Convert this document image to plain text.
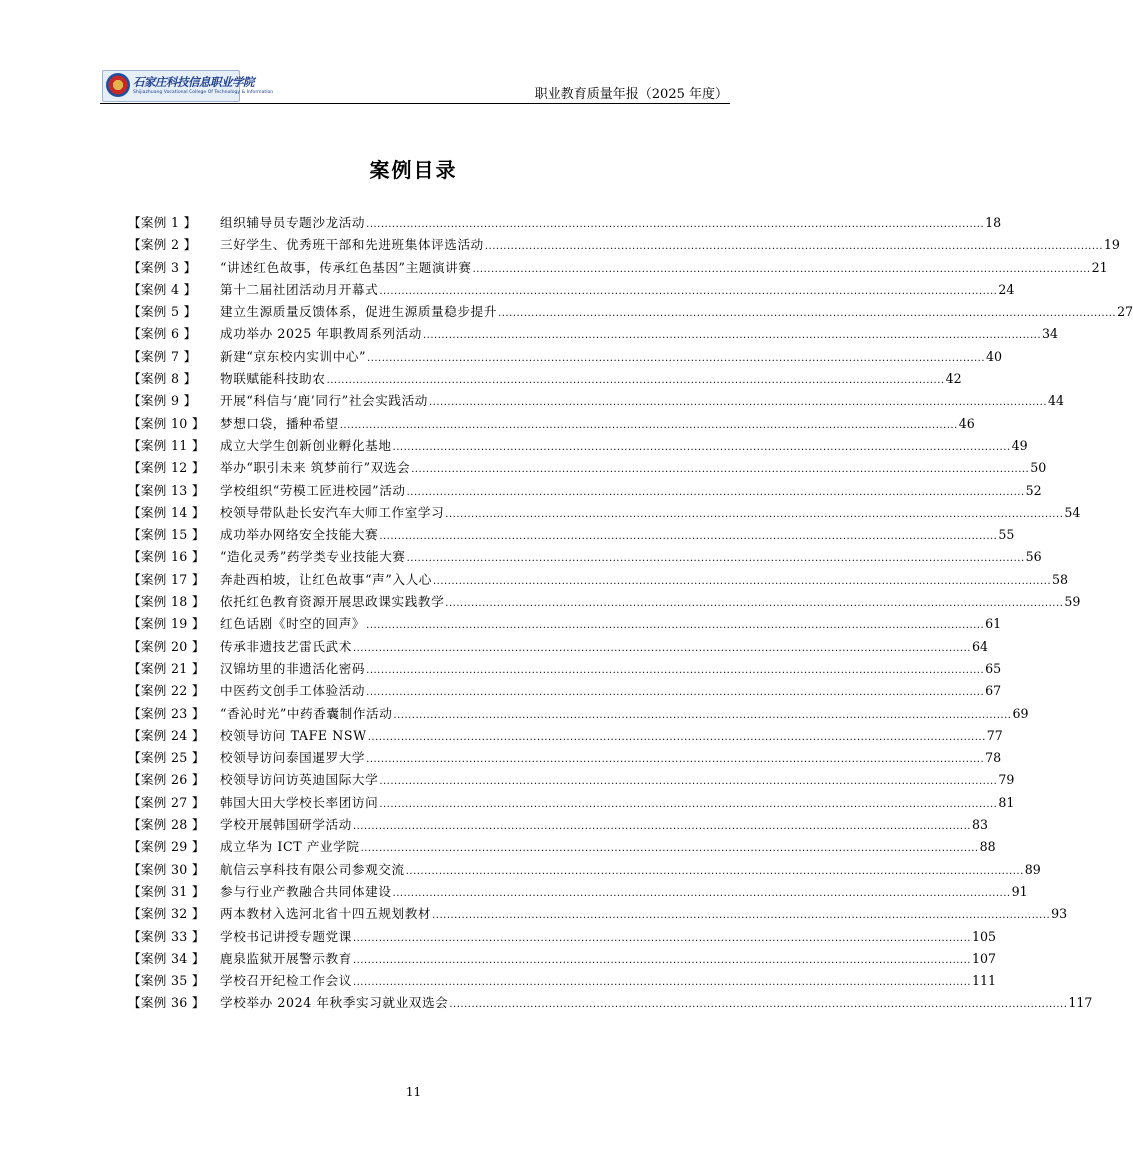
石家庄科技信息职业学院
Shijiazhuang Vocational College Of Technology & Information	职业教育质量年报（2025 年度）
案例目录
【案例 1 】	组织辅导员专题沙龙活动 .....	18
【案例 2 】	三好学生、优秀班干部和先进班集体评选活动 .....	19
【案例 3 】	“讲述红色故事，传承红色基因”主题演讲赛 .....	21
【案例 4 】	第十二届社团活动月开幕式 .....	24
【案例 5 】	建立生源质量反馈体系，促进生源质量稳步提升 .....	27
【案例 6 】	成功举办 2025 年职教周系列活动 .....	34
【案例 7 】	新建“京东校内实训中心” .....	40
【案例 8 】	物联赋能科技助农 .....	42
【案例 9 】	开展“科信与‘鹿’同行”社会实践活动 .....	44
【案例 10 】	梦想口袋，播种希望 .....	46
【案例 11 】	成立大学生创新创业孵化基地 .....	49
【案例 12 】	举办“职引未来 筑梦前行”双选会 .....	50
【案例 13 】	学校组织“劳模工匠进校园”活动 .....	52
【案例 14 】	校领导带队赴长安汽车大师工作室学习 .....	54
【案例 15 】	成功举办网络安全技能大赛 .....	55
【案例 16 】	“造化灵秀”药学类专业技能大赛 .....	56
【案例 17 】	奔赴西柏坡，让红色故事“声”入人心 .....	58
【案例 18 】	依托红色教育资源开展思政课实践教学 .....	59
【案例 19 】	红色话剧《时空的回声》 .....	61
【案例 20 】	传承非遗技艺雷氏武术 .....	64
【案例 21 】	汉锦坊里的非遗活化密码 .....	65
【案例 22 】	中医药文创手工体验活动 .....	67
【案例 23 】	“香沁时光”中药香囊制作活动 .....	69
【案例 24 】	校领导访问 TAFE NSW .....	77
【案例 25 】	校领导访问泰国暹罗大学 .....	78
【案例 26 】	校领导访问访英迪国际大学 .....	79
【案例 27 】	韩国大田大学校长率团访问 .....	81
【案例 28 】	学校开展韩国研学活动 .....	83
【案例 29 】	成立华为 ICT 产业学院 .....	88
【案例 30 】	航信云享科技有限公司参观交流 .....	89
【案例 31 】	参与行业产教融合共同体建设 .....	91
【案例 32 】	两本教材入选河北省十四五规划教材 .....	93
【案例 33 】	学校书记讲授专题党课 .....	105
【案例 34 】	鹿泉监狱开展警示教育 .....	107
【案例 35 】	学校召开纪检工作会议 .....	111
【案例 36 】	学校举办 2024 年秋季实习就业双选会 .....	117
11
